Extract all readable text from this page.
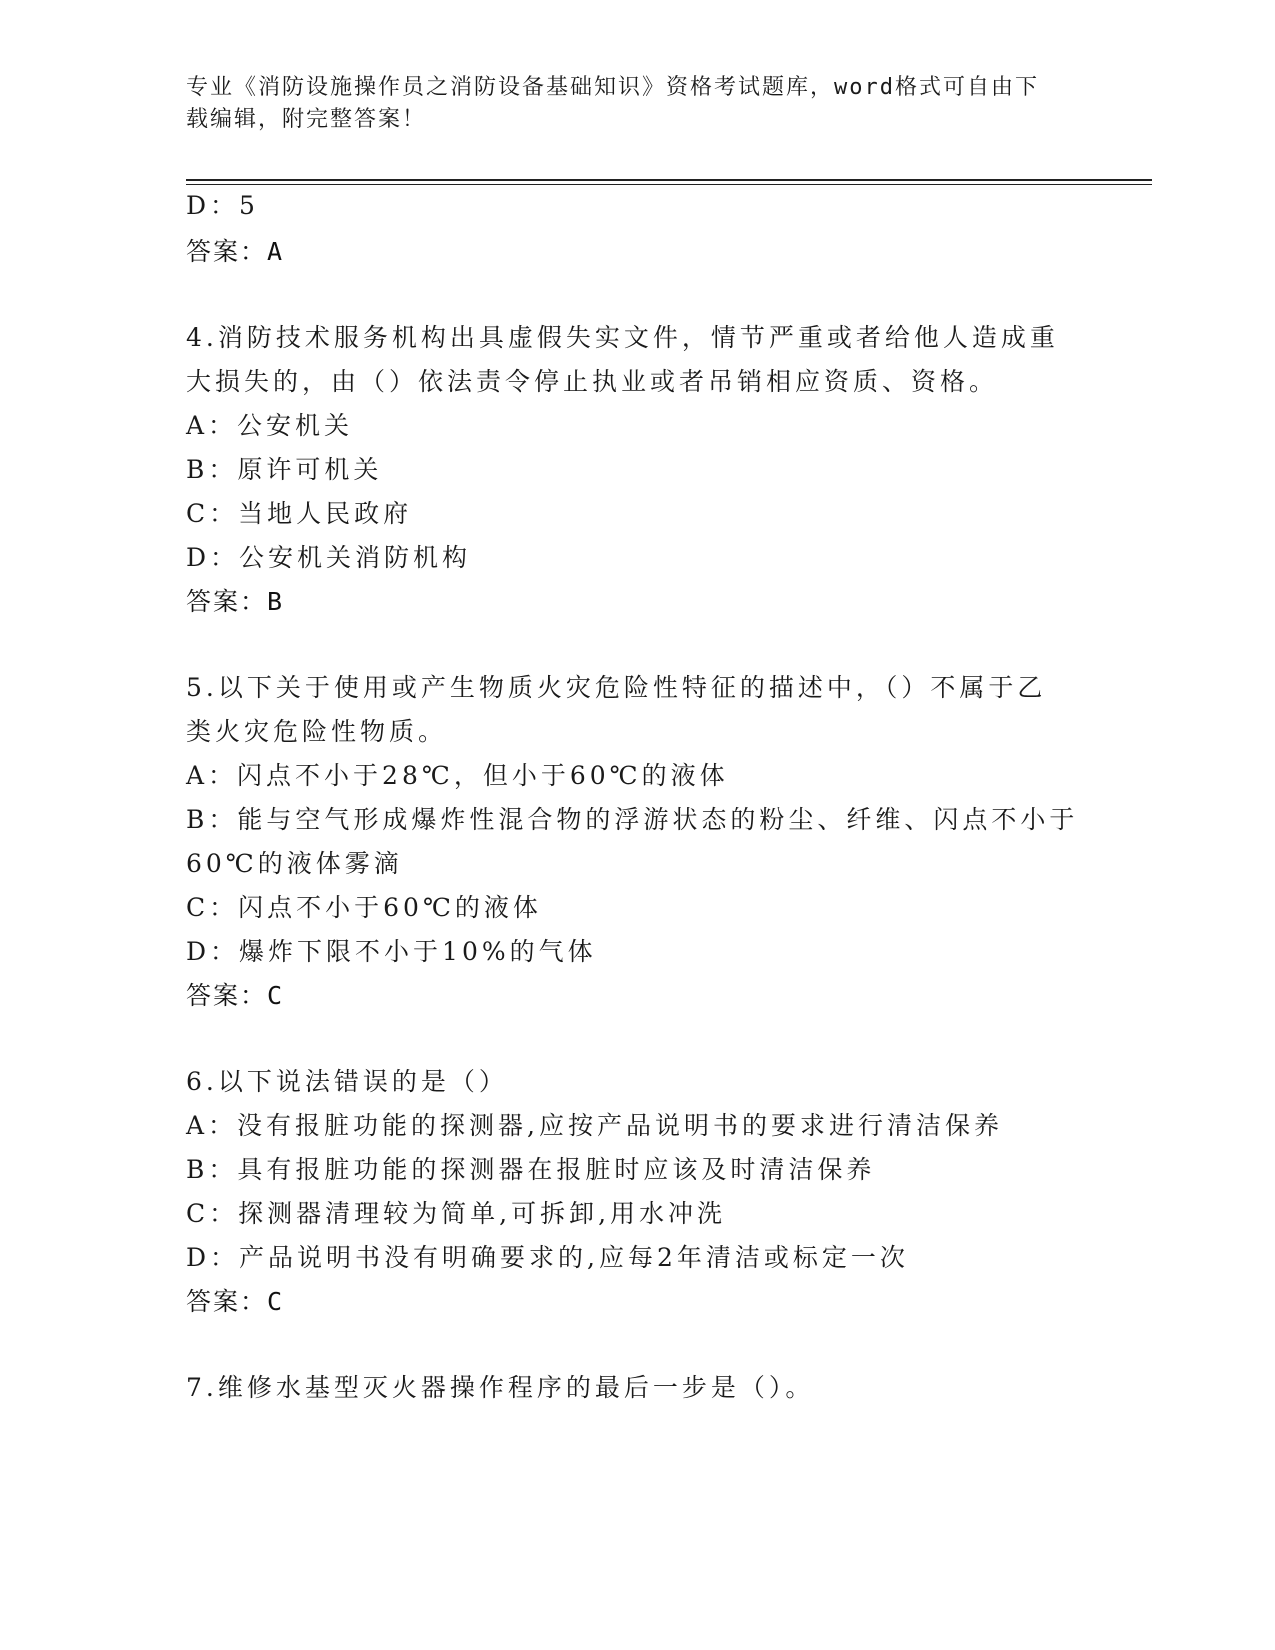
专业《消防设施操作员之消防设备基础知识》资格考试题库，word格式可自由下
载编辑，附完整答案！
D：5
答案：A
4.消防技术服务机构出具虚假失实文件，情节严重或者给他人造成重
大损失的，由（）依法责令停止执业或者吊销相应资质、资格。
A：公安机关
B：原许可机关
C：当地人民政府
D：公安机关消防机构
答案：B
5.以下关于使用或产生物质火灾危险性特征的描述中，（）不属于乙
类火灾危险性物质。
A：闪点不小于28℃，但小于60℃的液体
B：能与空气形成爆炸性混合物的浮游状态的粉尘、纤维、闪点不小于
60℃的液体雾滴
C：闪点不小于60℃的液体
D：爆炸下限不小于10%的气体
答案：C
6.以下说法错误的是（）
A：没有报脏功能的探测器,应按产品说明书的要求进行清洁保养
B：具有报脏功能的探测器在报脏时应该及时清洁保养
C：探测器清理较为简单,可拆卸,用水冲洗
D：产品说明书没有明确要求的,应每2年清洁或标定一次
答案：C
7.维修水基型灭火器操作程序的最后一步是（）。
